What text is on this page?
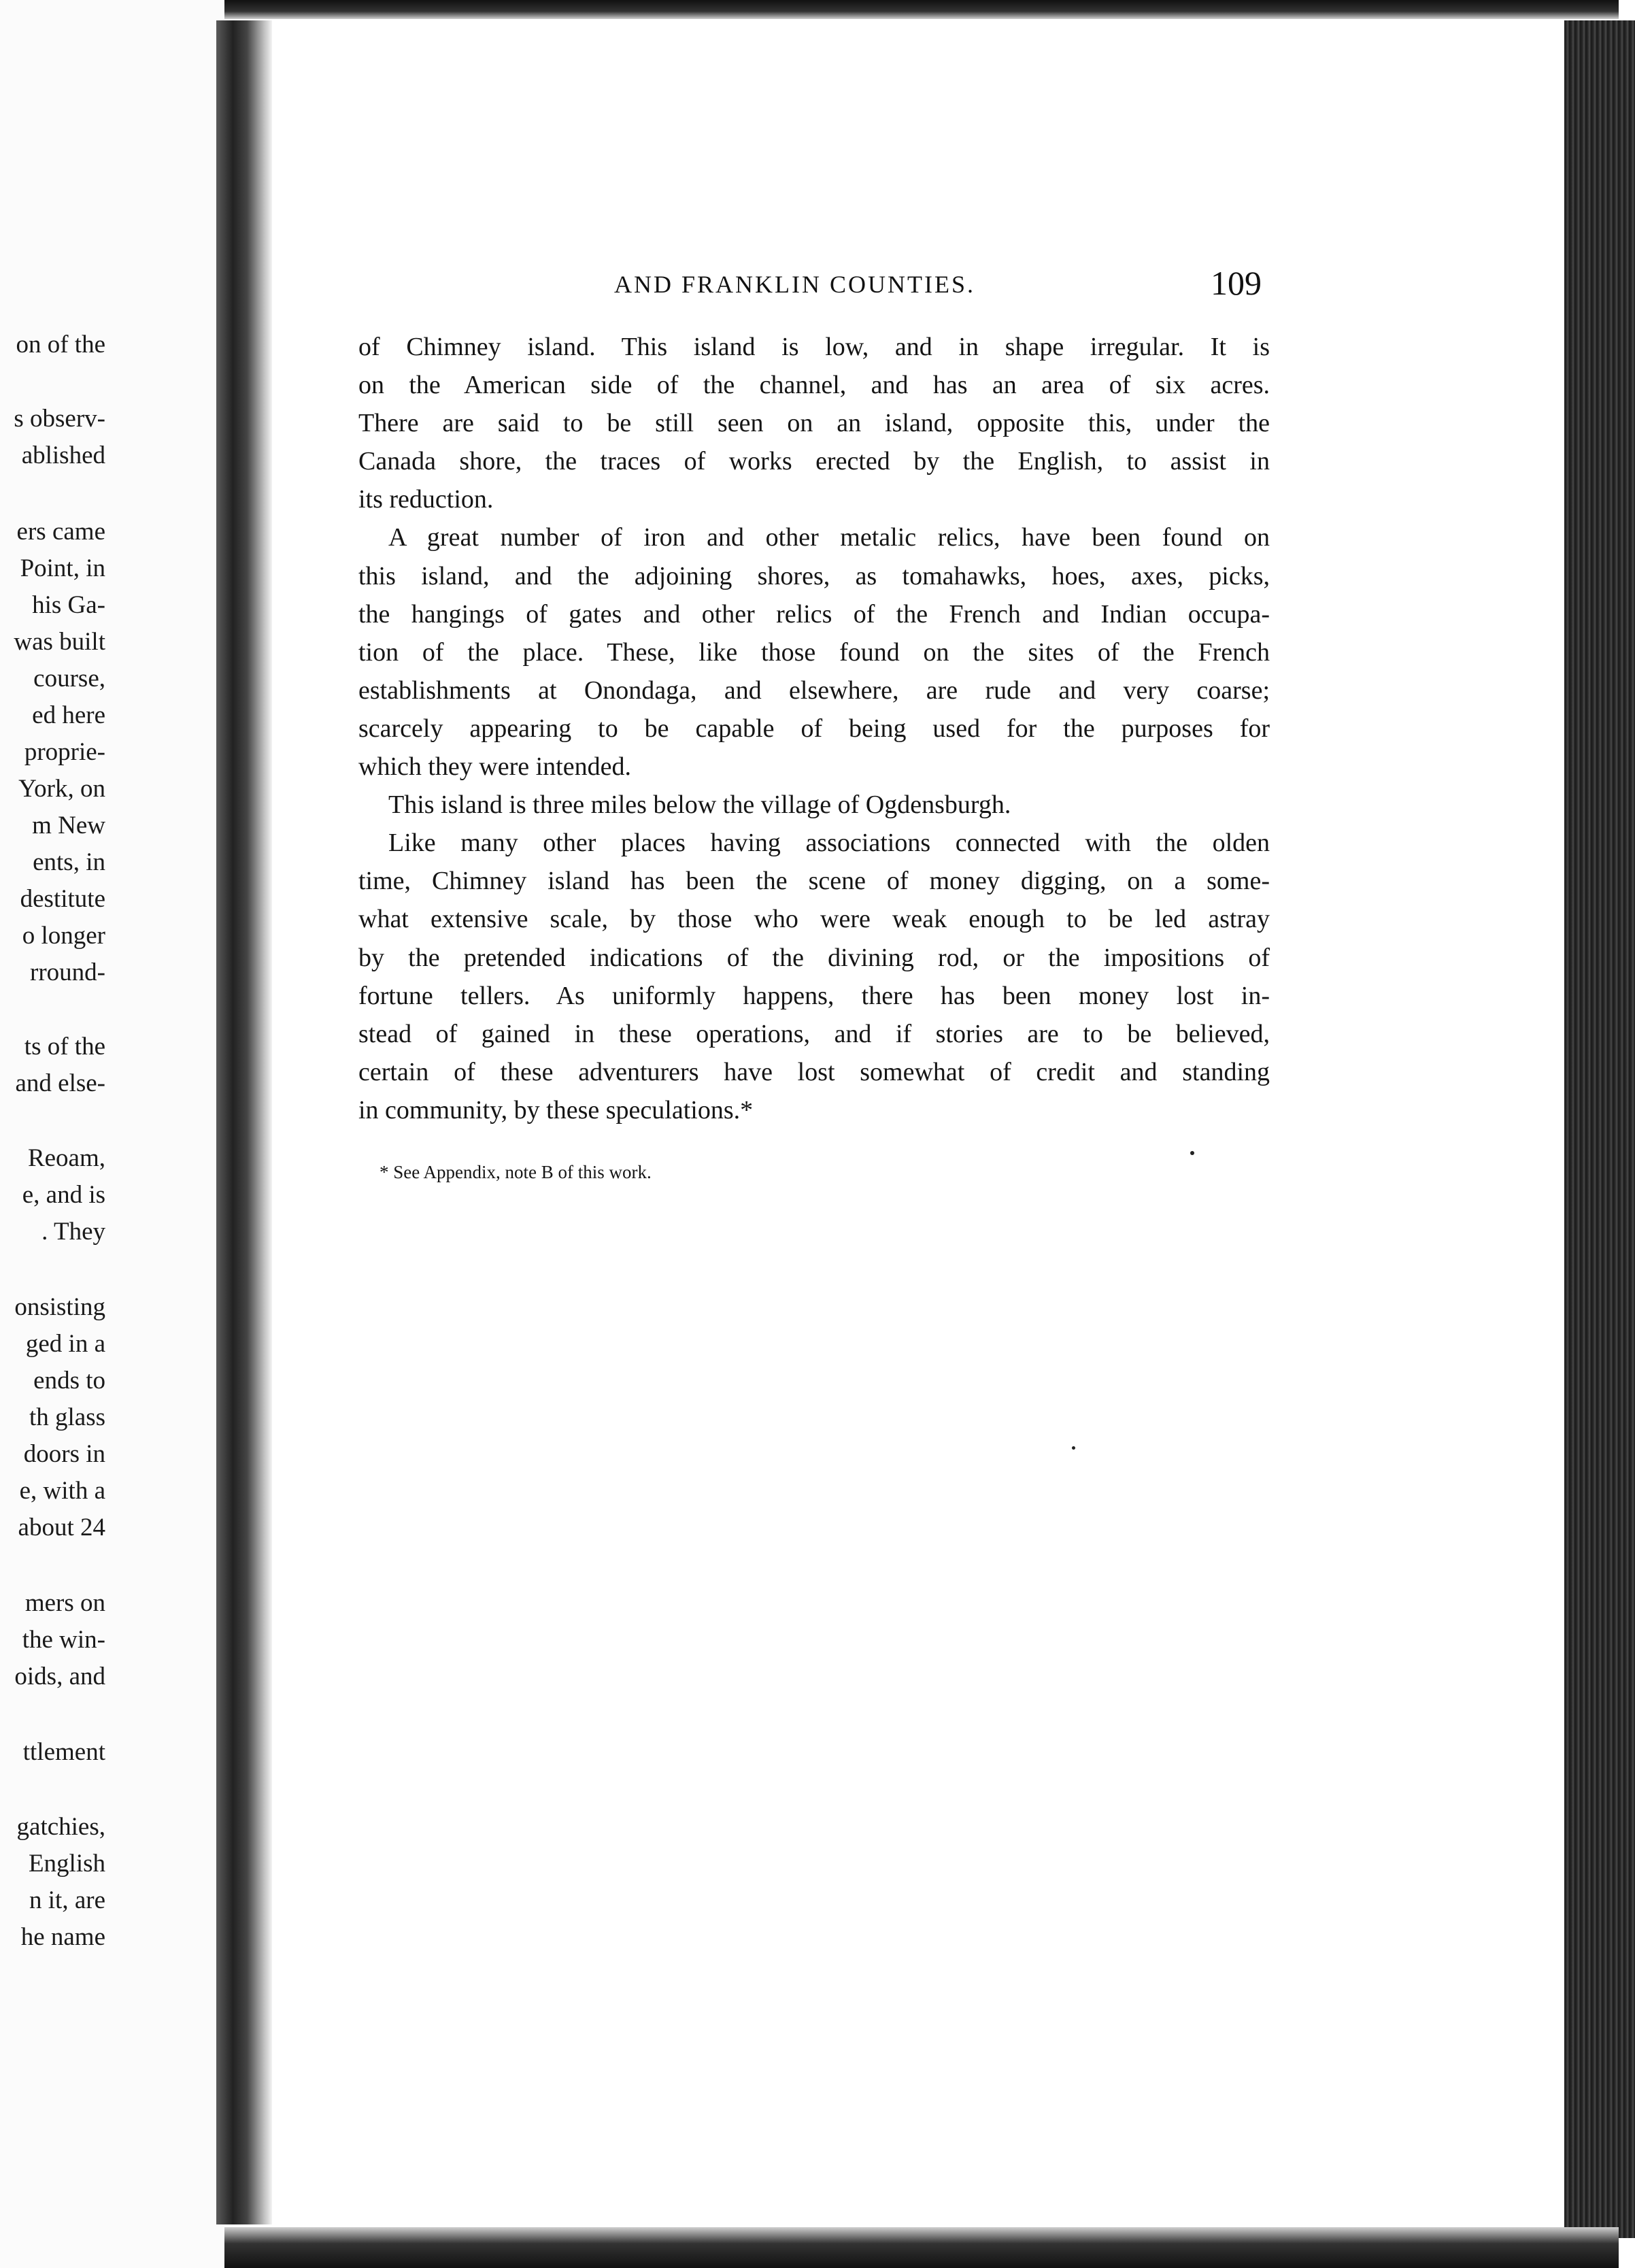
on of the
s observ-
ablished
ers came
Point, in
his Ga-
was built
course,
ed here
proprie-
York, on
m New
ents, in
destitute
o longer
rround-
ts of the
and else-
Reoam,
e, and is
. They
onsisting
ged in a
ends to
th glass
doors in
e, with a
about 24
mers on
the win-
oids, and
ttlement
gatchies,
English
n it, are
he name
AND FRANKLIN COUNTIES.	109
of Chimney island. This island is low, and in shape irregular. It is
on the American side of the channel, and has an area of six acres.
There are said to be still seen on an island, opposite this, under the
Canada shore, the traces of works erected by the English, to assist in
its reduction.
A great number of iron and other metalic relics, have been found on
this island, and the adjoining shores, as tomahawks, hoes, axes, picks,
the hangings of gates and other relics of the French and Indian occupa-
tion of the place. These, like those found on the sites of the French
establishments at Onondaga, and elsewhere, are rude and very coarse;
scarcely appearing to be capable of being used for the purposes for
which they were intended.
This island is three miles below the village of Ogdensburgh.
Like many other places having associations connected with the olden
time, Chimney island has been the scene of money digging, on a some-
what extensive scale, by those who were weak enough to be led astray
by the pretended indications of the divining rod, or the impositions of
fortune tellers. As uniformly happens, there has been money lost in-
stead of gained in these operations, and if stories are to be believed,
certain of these adventurers have lost somewhat of credit and standing
in community, by these speculations.*
* See Appendix, note B of this work.
